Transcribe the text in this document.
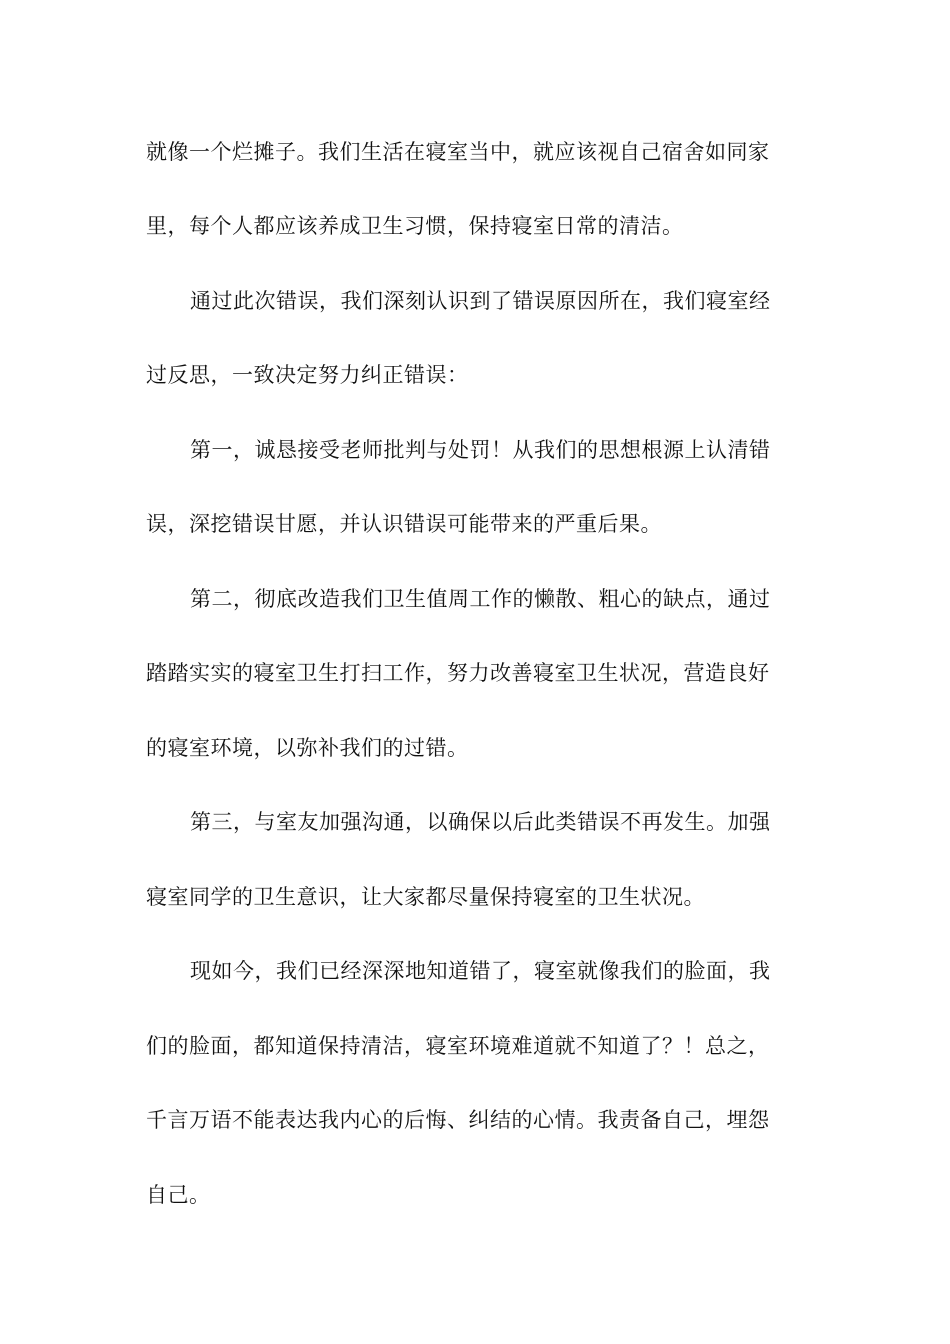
就像一个烂摊子。我们生活在寝室当中，就应该视自己宿舍如同家
里，每个人都应该养成卫生习惯，保持寝室日常的清洁。
通过此次错误，我们深刻认识到了错误原因所在，我们寝室经
过反思，一致决定努力纠正错误：
第一，诚恳接受老师批判与处罚！从我们的思想根源上认清错
误，深挖错误甘愿，并认识错误可能带来的严重后果。
第二，彻底改造我们卫生值周工作的懒散、粗心的缺点，通过
踏踏实实的寝室卫生打扫工作，努力改善寝室卫生状况，营造良好
的寝室环境，以弥补我们的过错。
第三，与室友加强沟通，以确保以后此类错误不再发生。加强
寝室同学的卫生意识，让大家都尽量保持寝室的卫生状况。
现如今，我们已经深深地知道错了，寝室就像我们的脸面，我
们的脸面，都知道保持清洁，寝室环境难道就不知道了？！总之，
千言万语不能表达我内心的后悔、纠结的心情。我责备自己，埋怨
自己。
